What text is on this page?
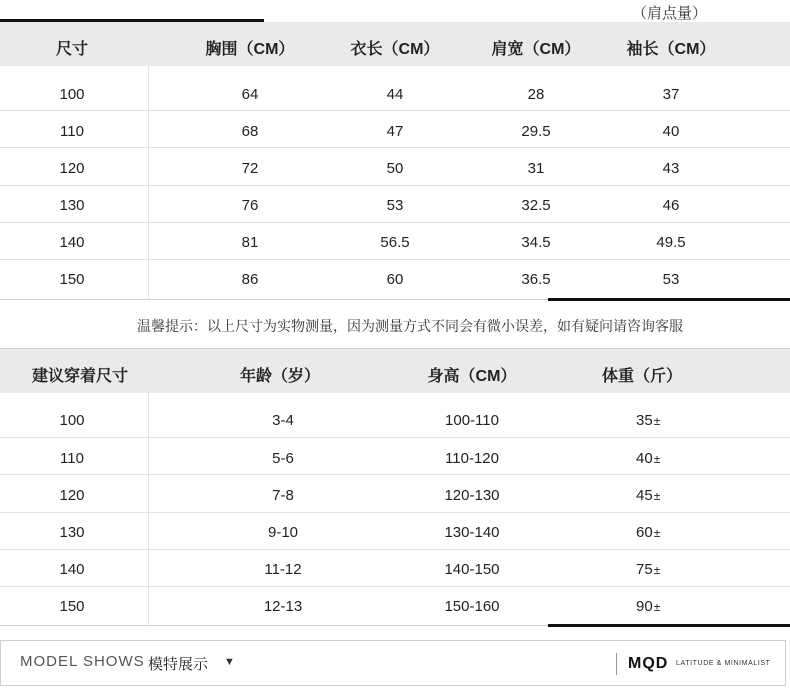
（肩点量）
尺寸	胸围（CM）	衣长（CM）	肩宽（CM）	袖长（CM）
100	64	44	28	37
110	68	47	29.5	40
120	72	50	31	43
130	76	53	32.5	46
140	81	56.5	34.5	49.5
150	86	60	36.5	53
温馨提示：以上尺寸为实物测量，因为测量方式不同会有微小误差，如有疑问请咨询客服
建议穿着尺寸	年龄（岁）	身高（CM）	体重（斤）
100	3-4	100-110	35±
110	5-6	110-120	40±
120	7-8	120-130	45±
130	9-10	130-140	60±
140	11-12	140-150	75±
150	12-13	150-160	90±
MODEL SHOWS 模特展示 ▼	MQD LATITUDE & MINIMALIST
